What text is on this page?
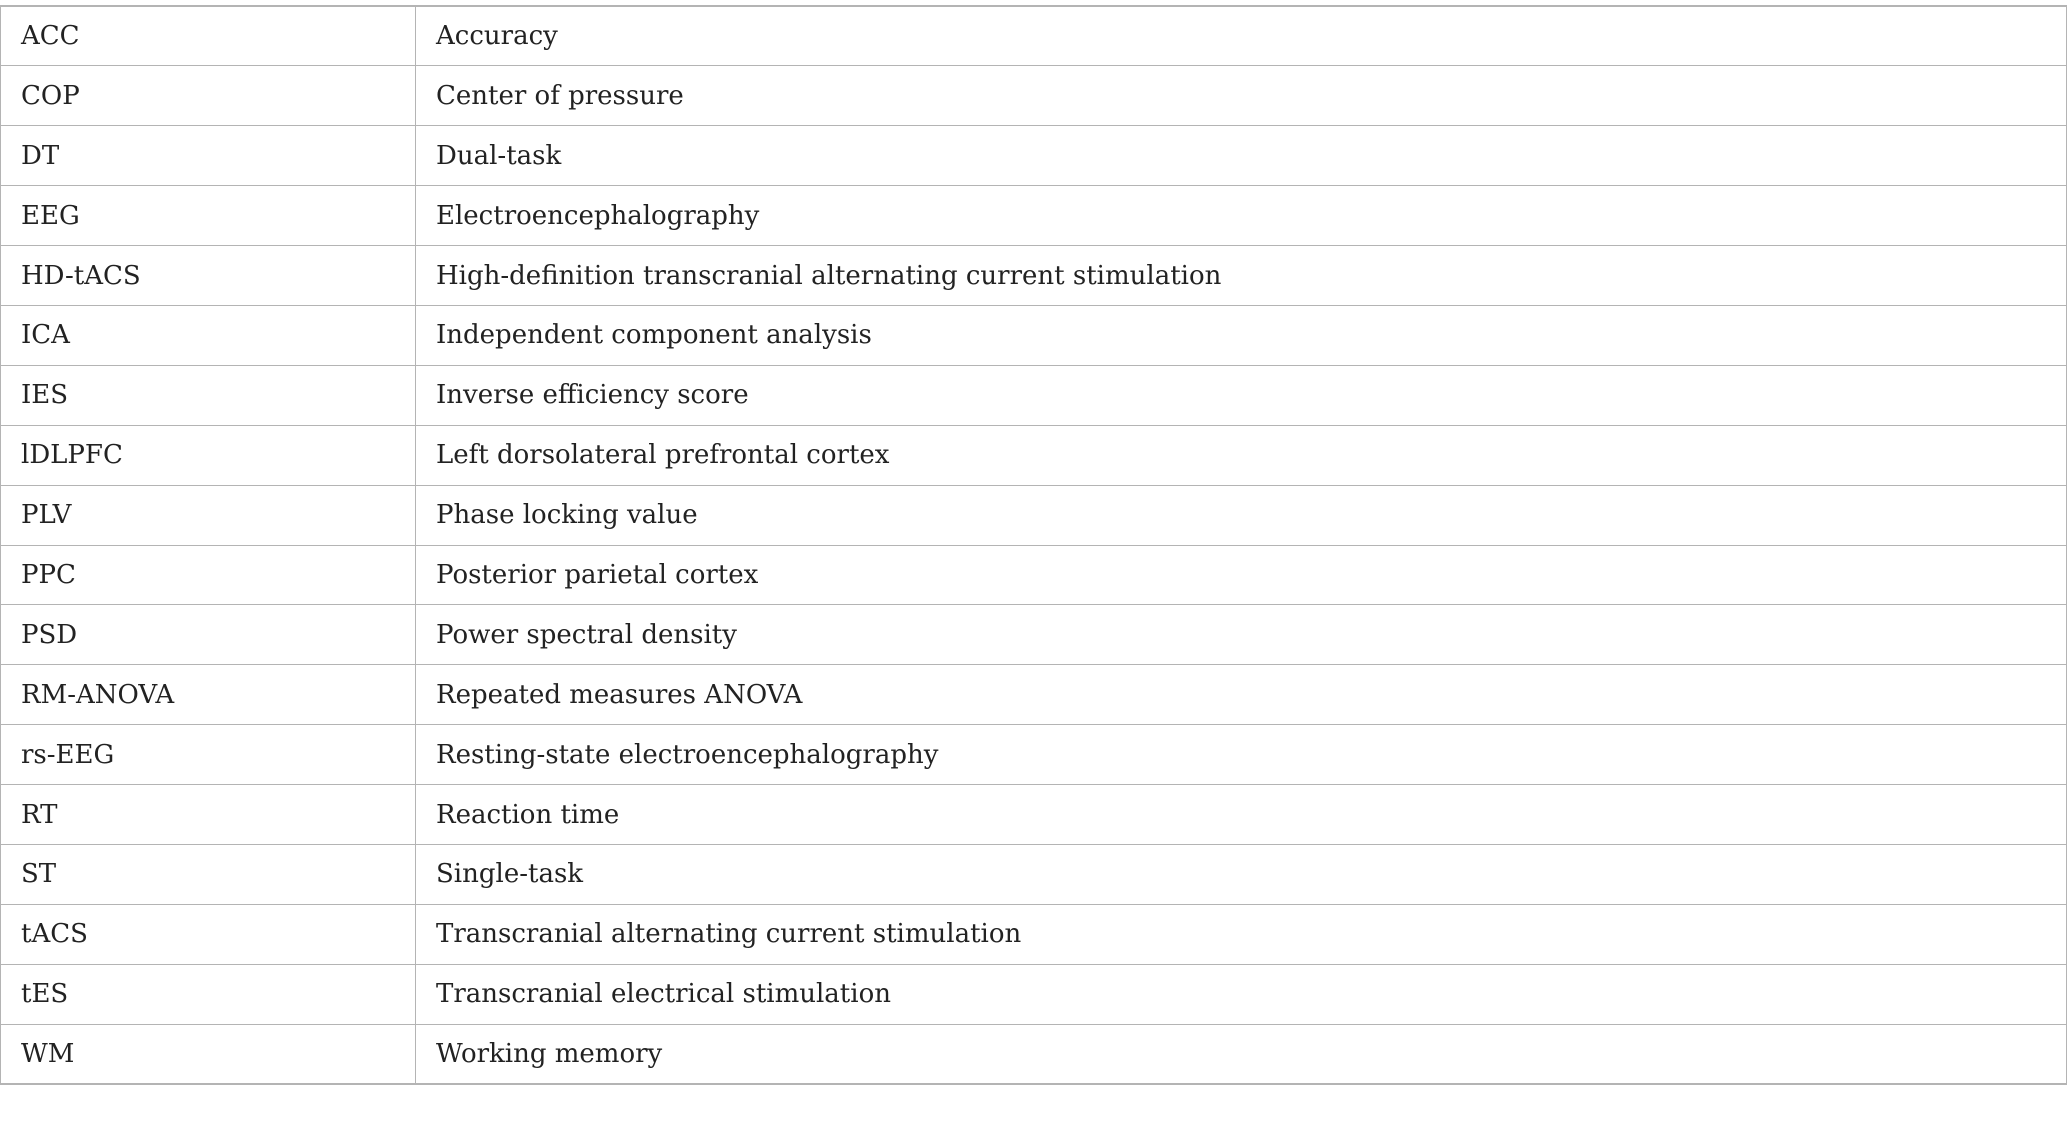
ACC	Accuracy
COP	Center of pressure
DT	Dual-task
EEG	Electroencephalography
HD-tACS	High-definition transcranial alternating current stimulation
ICA	Independent component analysis
IES	Inverse efficiency score
lDLPFC	Left dorsolateral prefrontal cortex
PLV	Phase locking value
PPC	Posterior parietal cortex
PSD	Power spectral density
RM-ANOVA	Repeated measures ANOVA
rs-EEG	Resting-state electroencephalography
RT	Reaction time
ST	Single-task
tACS	Transcranial alternating current stimulation
tES	Transcranial electrical stimulation
WM	Working memory
